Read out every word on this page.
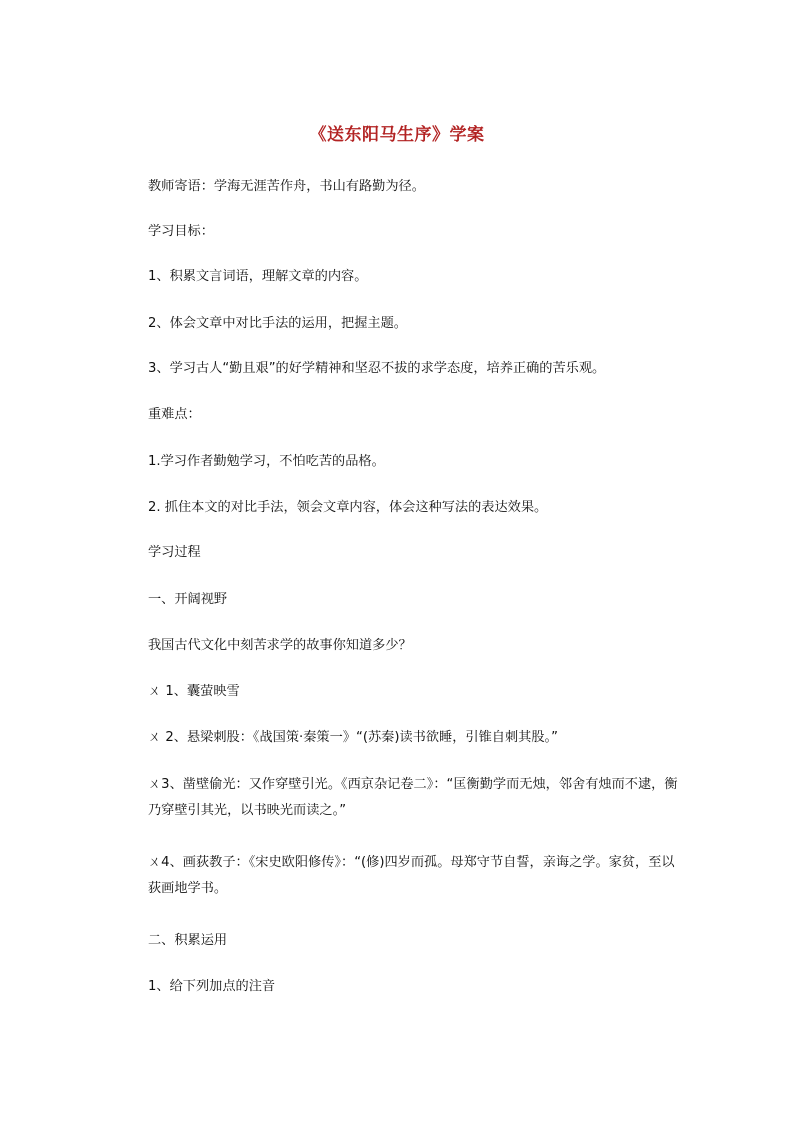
《送东阳马生序》学案
教师寄语：学海无涯苦作舟，书山有路勤为径。
学习目标：
1、积累文言词语，理解文章的内容。
2、体会文章中对比手法的运用，把握主题。
3、学习古人“勤且艰”的好学精神和坚忍不拔的求学态度，培养正确的苦乐观。
重难点：
1.学习作者勤勉学习，不怕吃苦的品格。
2. 抓住本文的对比手法，领会文章内容，体会这种写法的表达效果。
学习过程
一、开阔视野
我国古代文化中刻苦求学的故事你知道多少？
ㄨ 1、囊萤映雪
ㄨ 2、悬梁刺股：《战国策·秦策一》“(苏秦)读书欲睡，引锥自刺其股。”
ㄨ3、凿壁偷光：又作穿壁引光。《西京杂记卷二》：“匡衡勤学而无烛，邻舍有烛而不逮，衡乃穿壁引其光，以书映光而读之。”
ㄨ4、画荻教子：《宋史欧阳修传》：“(修)四岁而孤。母郑守节自誓，亲诲之学。家贫，至以荻画地学书。
二、积累运用
1、给下列加点的注音
